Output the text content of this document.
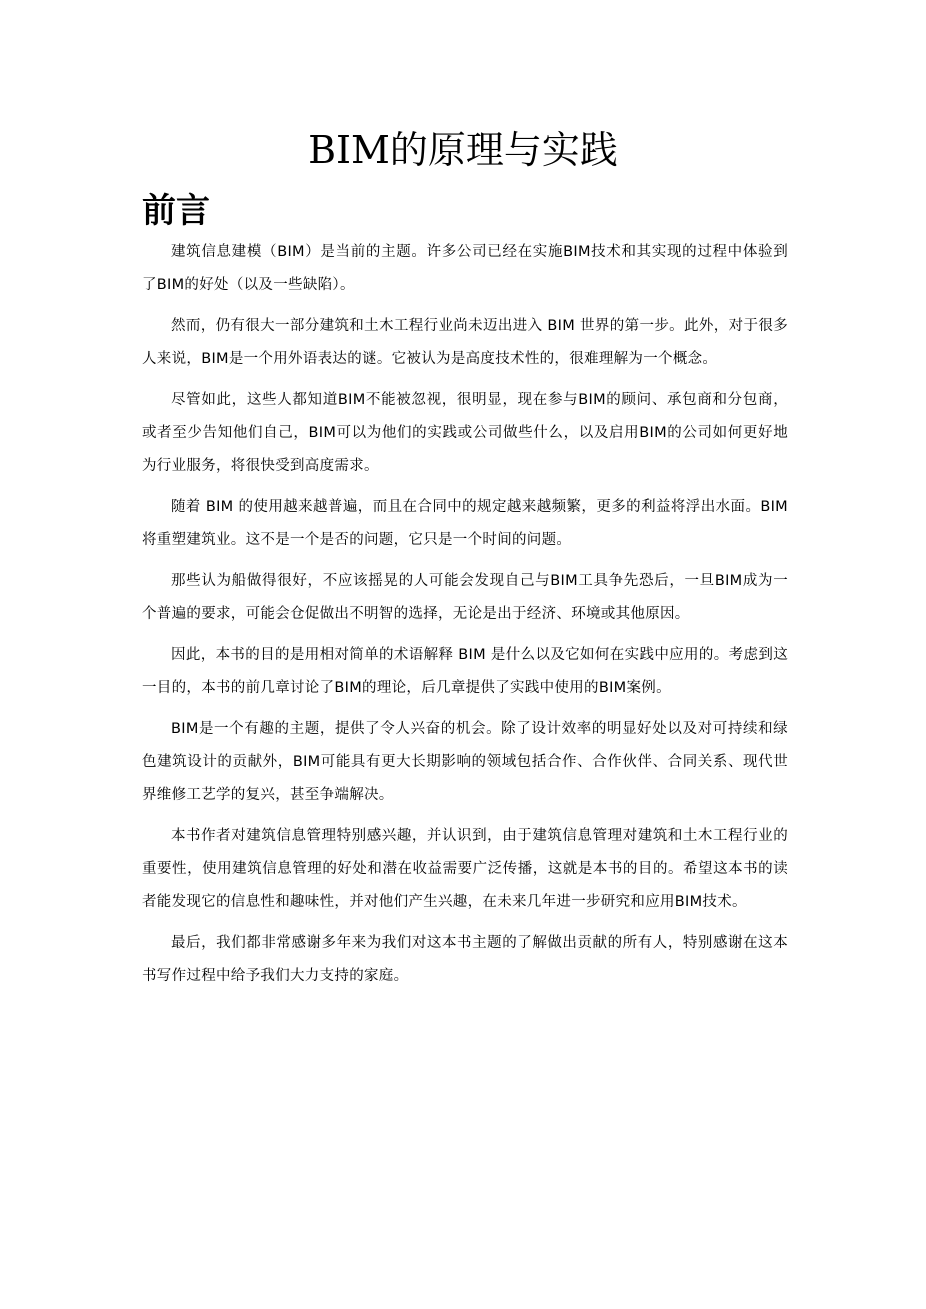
BIM的原理与实践
前言

建筑信息建模（BIM）是当前的主题。许多公司已经在实施BIM技术和其实现的过程中体验到了BIM的好处（以及一些缺陷）。

然而，仍有很大一部分建筑和土木工程行业尚未迈出进入 BIM 世界的第一步。此外，对于很多人来说，BIM是一个用外语表达的谜。它被认为是高度技术性的，很难理解为一个概念。

尽管如此，这些人都知道BIM不能被忽视，很明显，现在参与BIM的顾问、承包商和分包商，或者至少告知他们自己，BIM可以为他们的实践或公司做些什么，以及启用BIM的公司如何更好地为行业服务，将很快受到高度需求。

随着 BIM 的使用越来越普遍，而且在合同中的规定越来越频繁，更多的利益将浮出水面。BIM将重塑建筑业。这不是一个是否的问题，它只是一个时间的问题。

那些认为船做得很好，不应该摇晃的人可能会发现自己与BIM工具争先恐后，一旦BIM成为一个普遍的要求，可能会仓促做出不明智的选择，无论是出于经济、环境或其他原因。

因此，本书的目的是用相对简单的术语解释 BIM 是什么以及它如何在实践中应用的。考虑到这一目的，本书的前几章讨论了BIM的理论，后几章提供了实践中使用的BIM案例。

BIM是一个有趣的主题，提供了令人兴奋的机会。除了设计效率的明显好处以及对可持续和绿色建筑设计的贡献外，BIM可能具有更大长期影响的领域包括合作、合作伙伴、合同关系、现代世界维修工艺学的复兴，甚至争端解决。

本书作者对建筑信息管理特别感兴趣，并认识到，由于建筑信息管理对建筑和土木工程行业的重要性，使用建筑信息管理的好处和潜在收益需要广泛传播，这就是本书的目的。希望这本书的读者能发现它的信息性和趣味性，并对他们产生兴趣，在未来几年进一步研究和应用BIM技术。

最后，我们都非常感谢多年来为我们对这本书主题的了解做出贡献的所有人，特别感谢在这本书写作过程中给予我们大力支持的家庭。
